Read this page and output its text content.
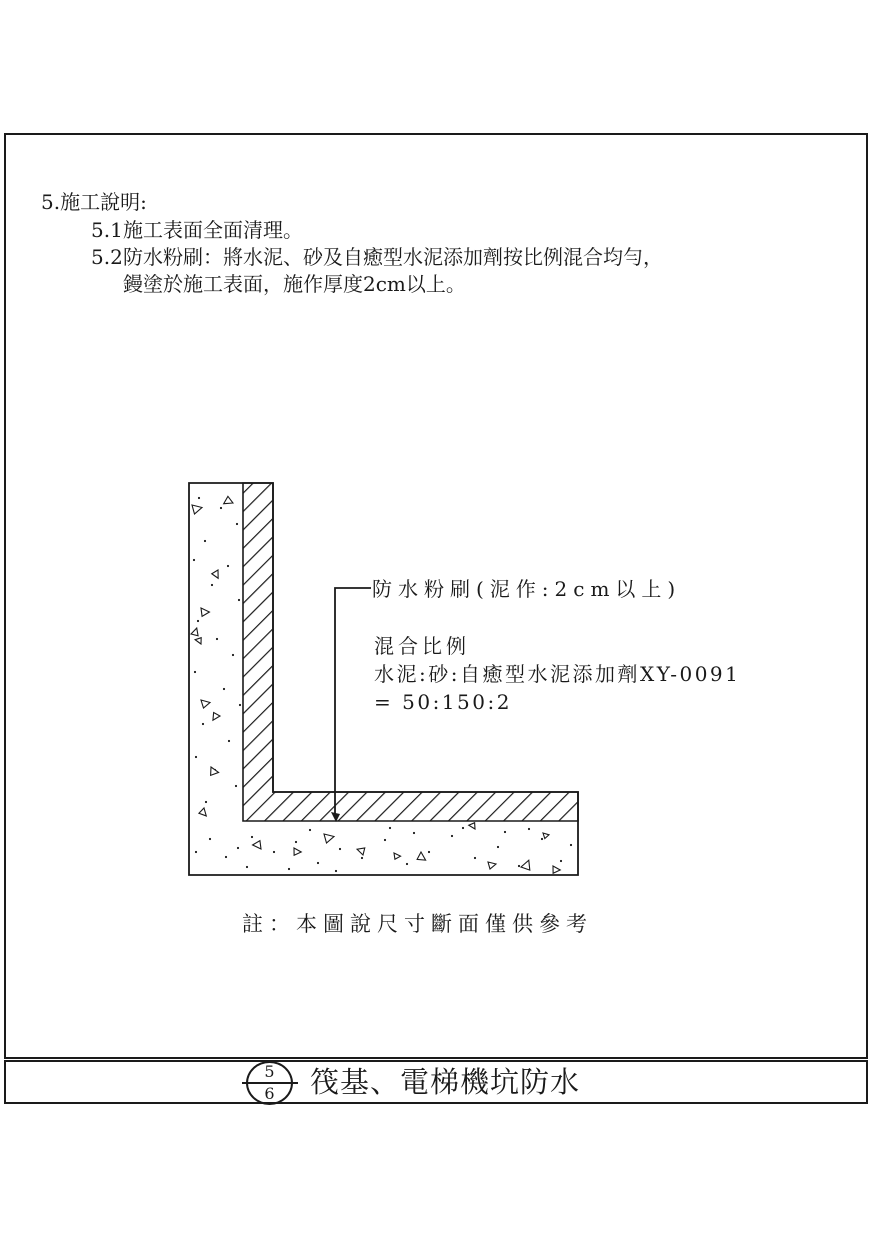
5.施工說明:
5.1施工表面全面清理。
5.2防水粉刷：將水泥、砂及自癒型水泥添加劑按比例混合均勻，
鏝塗於施工表面，施作厚度2cm以上。
防水粉刷(泥作:2cm以上)
混合比例
水泥:砂:自癒型水泥添加劑XY-0091
= 50:150:2
註：本圖說尺寸斷面僅供參考
5
6	筏基、電梯機坑防水
